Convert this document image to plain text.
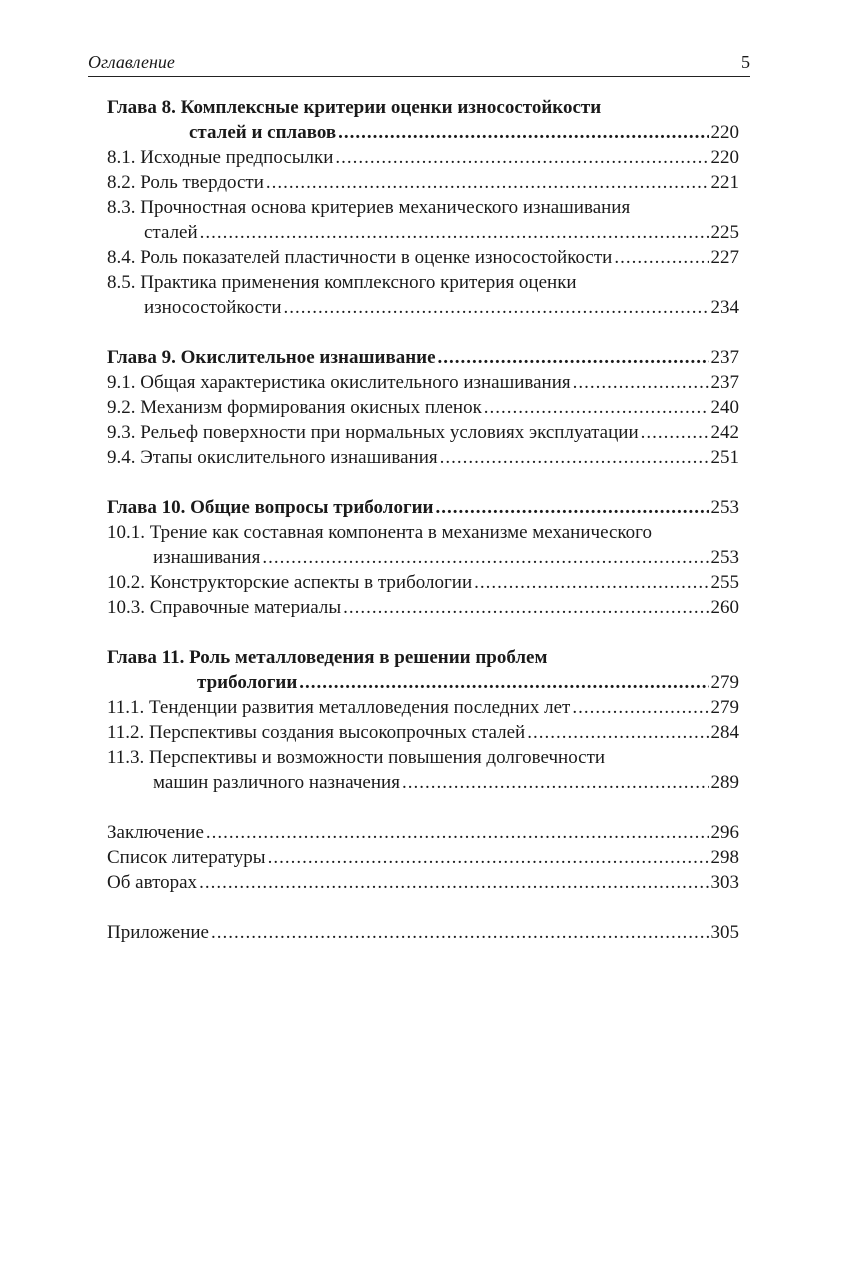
Оглавление	5
Глава 8. Комплексные критерии оценки износостойкости
сталей и сплавов .....	220
8.1. Исходные предпосылки .....	220
8.2. Роль твердости .....	221
8.3. Прочностная основа критериев механического изнашивания
сталей .....	225
8.4. Роль показателей пластичности в оценке износостойкости .....	227
8.5. Практика применения комплексного критерия оценки
износостойкости .....	234
Глава 9. Окислительное изнашивание .....	237
9.1. Общая характеристика окислительного изнашивания .....	237
9.2. Механизм формирования окисных пленок .....	240
9.3. Рельеф поверхности при нормальных условиях эксплуатации .....	242
9.4. Этапы окислительного изнашивания .....	251
Глава 10. Общие вопросы трибологии .....	253
10.1. Трение как составная компонента в механизме механического
изнашивания .....	253
10.2. Конструкторские аспекты в трибологии .....	255
10.3. Справочные материалы .....	260
Глава 11. Роль металловедения в решении проблем
трибологии .....	279
11.1. Тенденции развития металловедения последних лет .....	279
11.2. Перспективы создания высокопрочных сталей .....	284
11.3. Перспективы и возможности повышения долговечности
машин различного назначения .....	289
Заключение .....	296
Список литературы .....	298
Об авторах .....	303
Приложение .....	305
